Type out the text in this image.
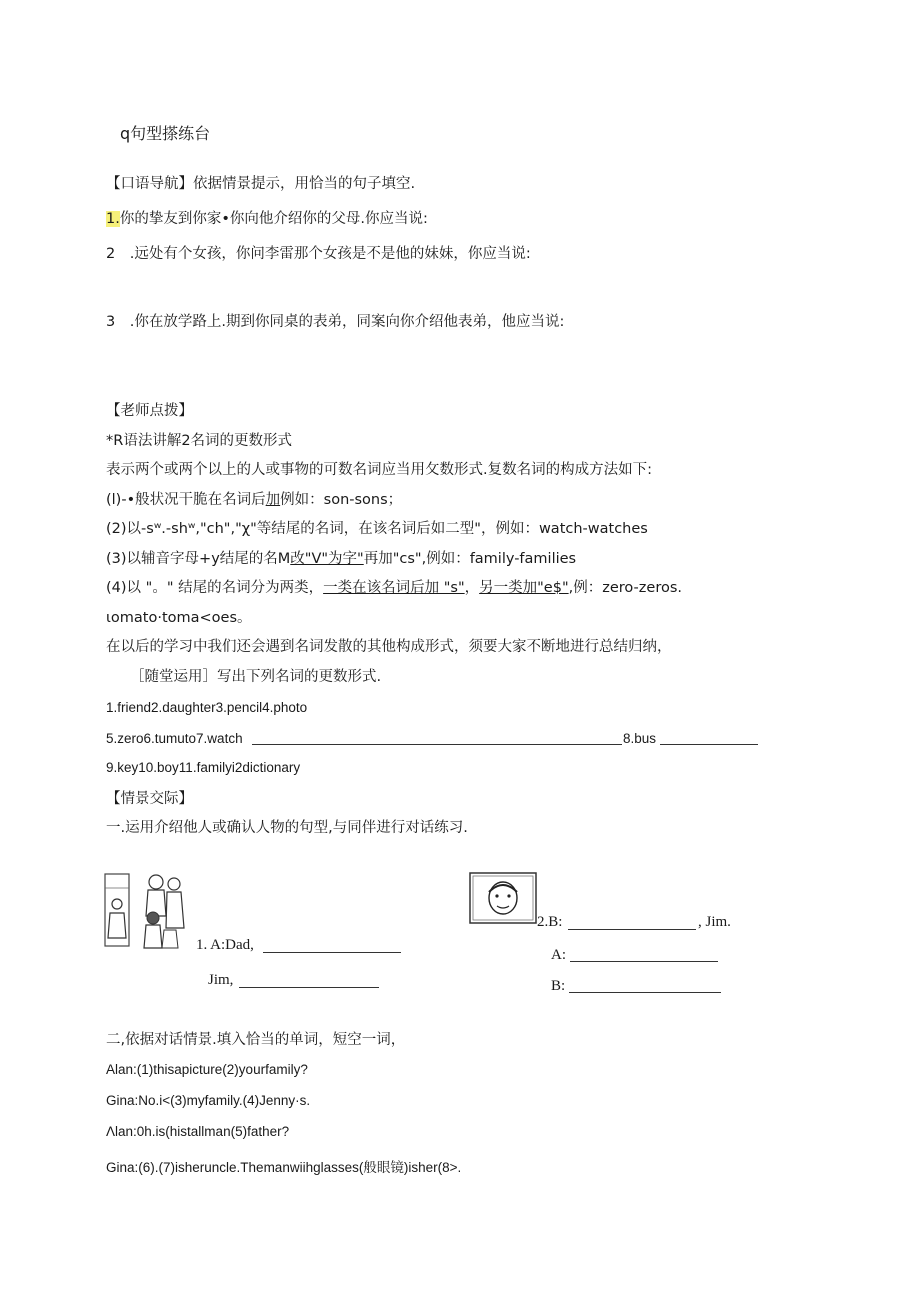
q句型搽练台
【口语导航】依据情景提示，用恰当的句子填空.
1.你的挚友到你家•你向他介绍你的父母.你应当说:
2　.远处有个女孩，你问李雷那个女孩是不是他的妹妹，你应当说:
3　.你在放学路上.期到你同桌的表弟，同案向你介绍他表弟，他应当说:
【老师点拨】
*R语法讲解2名词的更数形式
表示两个或两个以上的人或事物的可数名词应当用攵数形式.复数名词的构成方法如下:
(l)-•般状况干脆在名词后加例如：son-sons；
(2)以-sʷ.-shʷ,"ch","χ"等结尾的名词，在该名词后如二型"，例如：watch-watches
(3)以辅音字母+y结尾的名M改"V"为字"再加"cs",例如：family-families
(4)以 "。" 结尾的名词分为两类，一类在该名词后加 "s"，另一类加"e$",例：zero-zeros.
ιomato·toma<oes。
在以后的学习中我们还会遇到名词发散的其他构成形式，须要大家不断地进行总结归纳，
［随堂运用］写出下列名词的更数形式.
1.friend2.daughter3.pencil4.photo
5.zero6.tumuto7.watch	8.bus
9.key10.boy11.familyi2dictionary
【情景交际】
一.运用介绍他人或确认人物的句型,与同伴进行对话练习.
1. A:Dad,
Jim,
2.B:	, Jim.
A:
B:
二,依据对话情景.填入恰当的单词，短空一词，
Alan:(1)thisapicture(2)yourfamily?
Gina:No.i<(3)myfamily.(4)Jenny·s.
Λlan:0h.is(histallman(5)father?
Gina:(6).(7)isheruncle.Themanwiihglasses(般眼镜)isher(8>.
